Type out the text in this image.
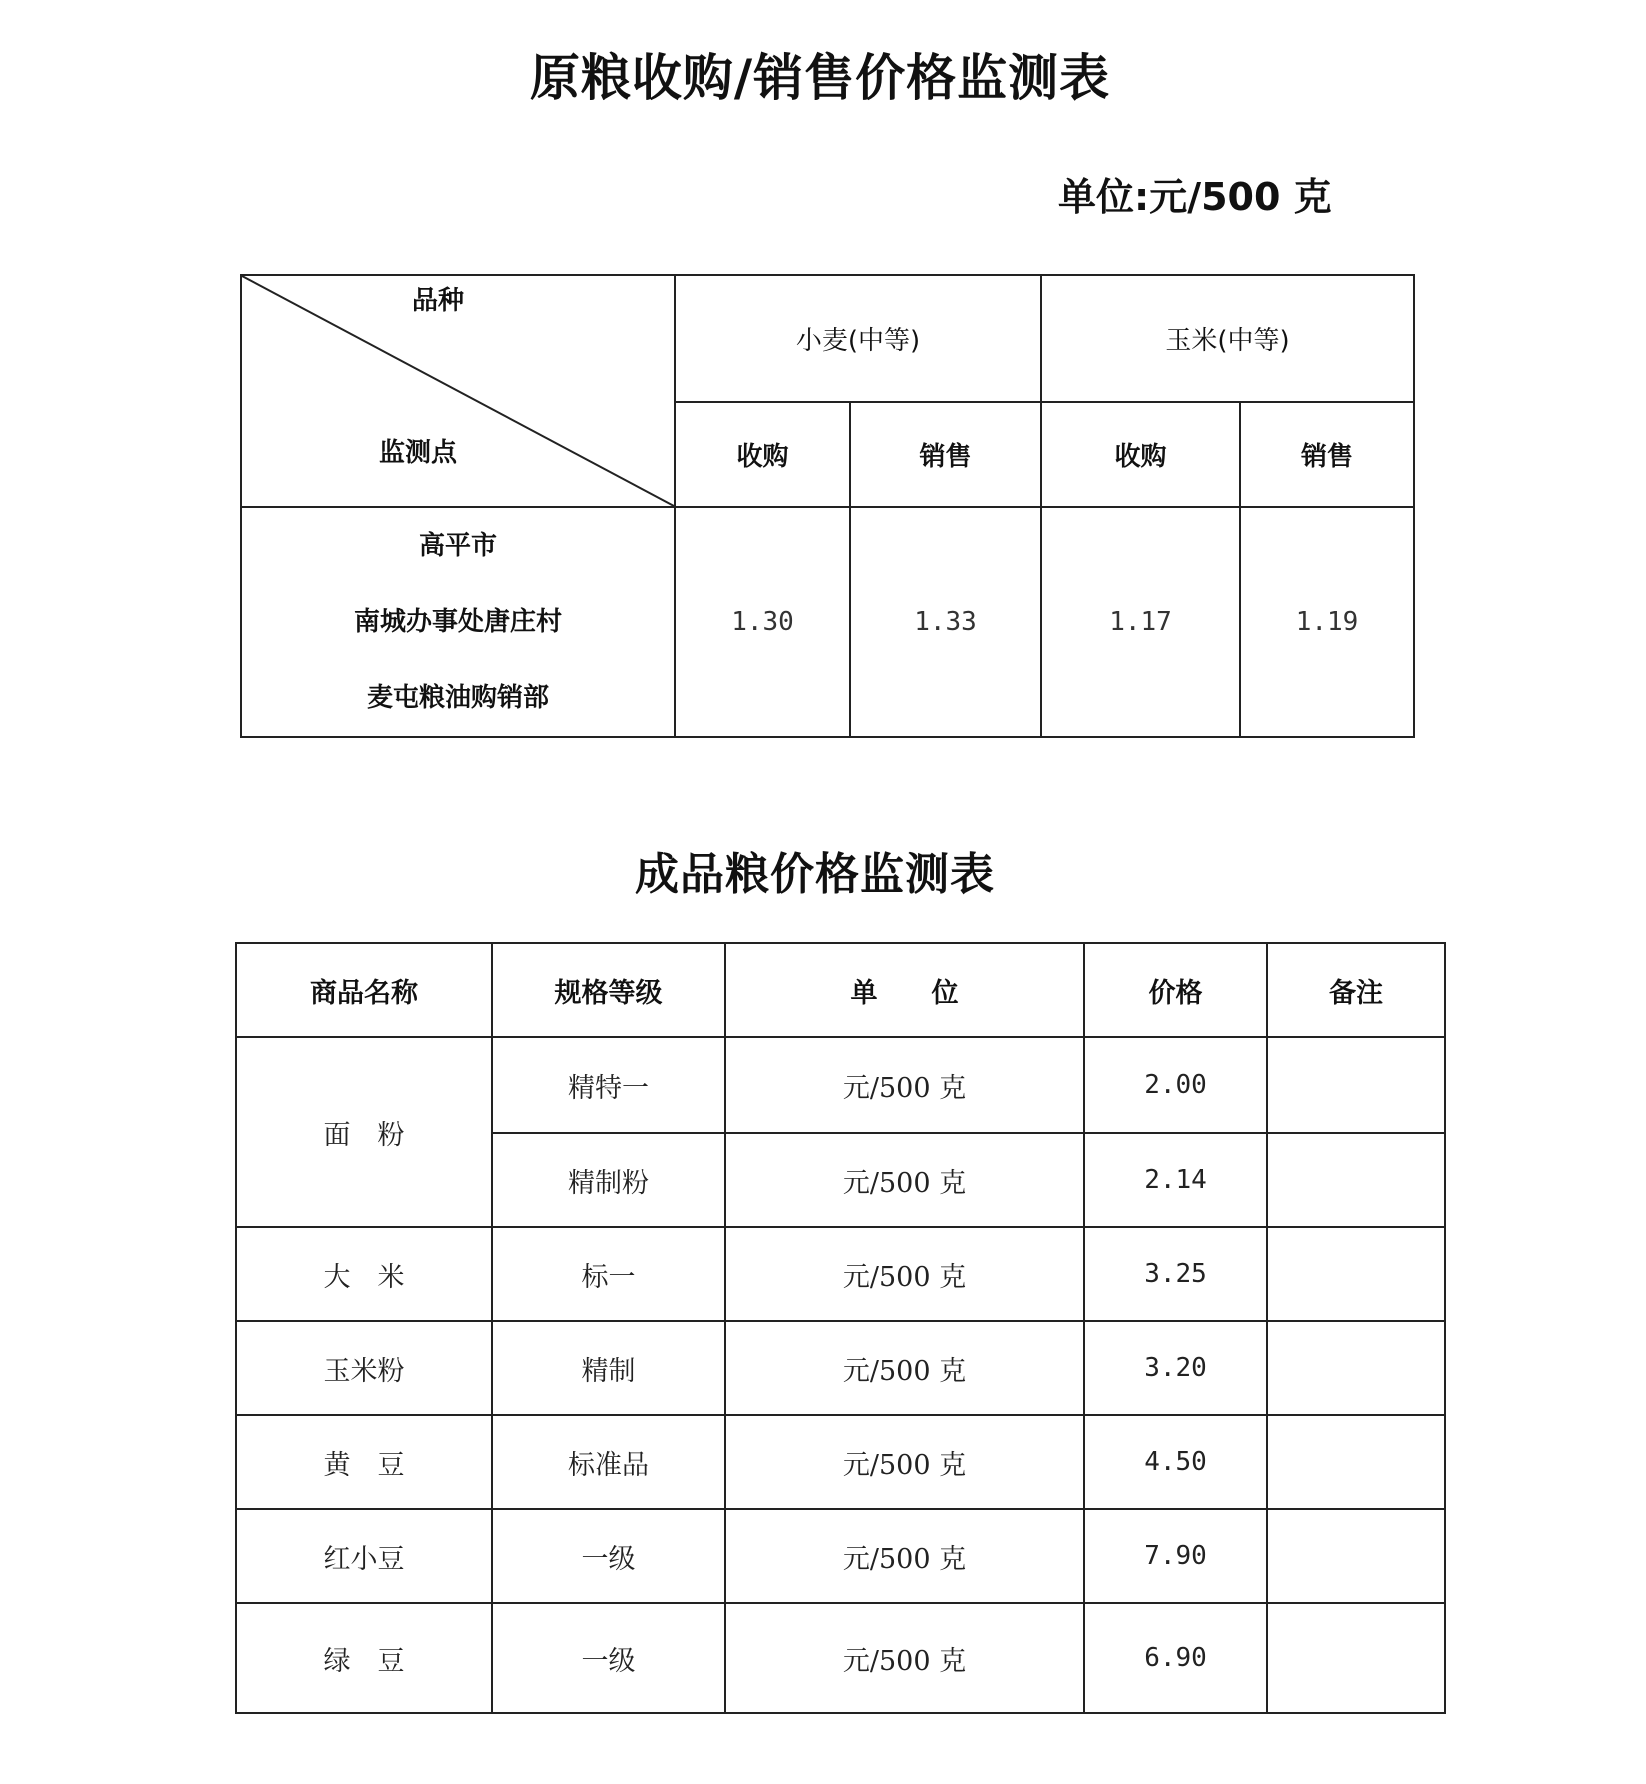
原粮收购/销售价格监测表
单位:元/500 克
品种
监测点	小麦(中等)		玉米(中等)	
	收购	销售	收购	销售

高平市
南城办事处唐庄村
麦屯粮油购销部	1.30	1.33	1.17	1.19
成品粮价格监测表
商品名称	规格等级	单　　位	价格	备注
面　粉	精特一	元/500 克	2.00	
	精制粉	元/500 克	2.14	
大　米	标一	元/500 克	3.25	
玉米粉	精制	元/500 克	3.20	
黄　豆	标准品	元/500 克	4.50	
红小豆	一级	元/500 克	7.90	
绿　豆	一级	元/500 克	6.90	
